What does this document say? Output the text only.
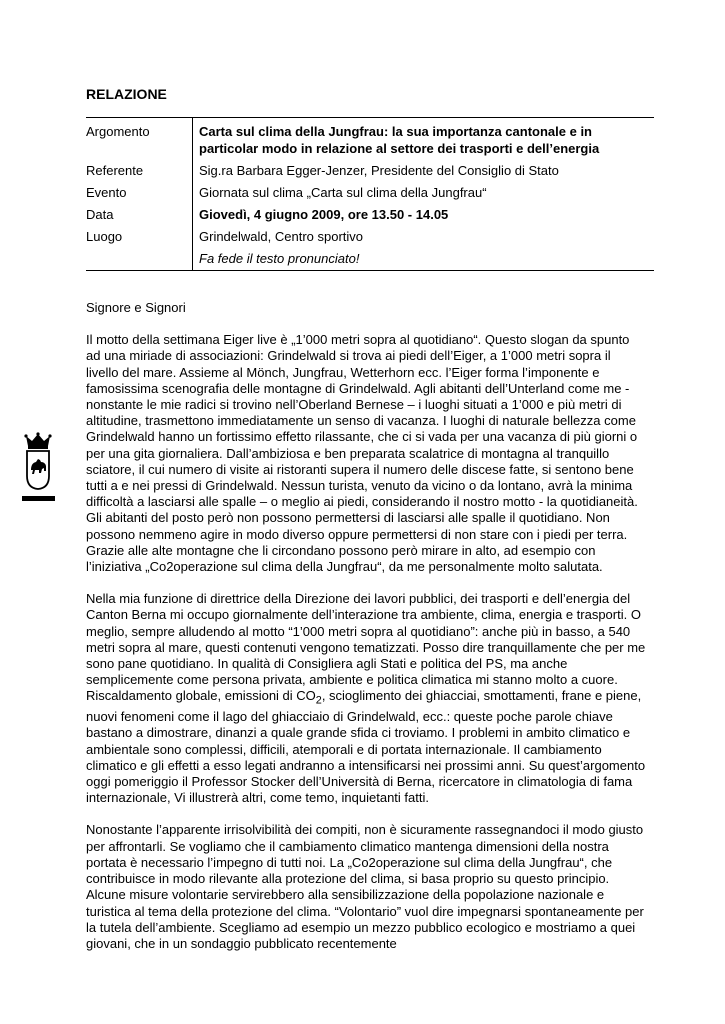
RELAZIONE
Argomento	Carta sul clima della Jungfrau: la sua importanza cantonale e in particolar modo in relazione al settore dei trasporti e dell’energia
Referente	Sig.ra Barbara Egger-Jenzer, Presidente del Consiglio di Stato
Evento	Giornata sul clima „Carta sul clima della Jungfrau“
Data	Giovedì, 4 giugno 2009, ore 13.50 - 14.05
Luogo	Grindelwald, Centro sportivo
	Fa fede il testo pronunciato!

Signore e Signori

Il motto della settimana Eiger live è „1’000 metri sopra al quotidiano“. Questo slogan da spunto ad una miriade di associazioni: Grindelwald si trova ai piedi dell’Eiger, a 1’000 metri sopra il livello del mare. Assieme al Mönch, Jungfrau, Wetterhorn ecc. l’Eiger forma l’imponente e famosissima scenografia delle montagne di Grindelwald. Agli abitanti dell’Unterland come me - nonstante le mie radici si trovino nell’Oberland Bernese – i luoghi situati a 1’000 e più metri di altitudine, trasmettono immediatamente un senso di vacanza. I luoghi di naturale bellezza come Grindelwald hanno un fortissimo effetto rilassante, che ci si vada per una vacanza di più giorni o per una gita giornaliera. Dall’ambiziosa e ben preparata scalatrice di montagna al tranquillo sciatore, il cui numero di visite ai ristoranti supera il numero delle discese fatte, si sentono bene tutti a e nei pressi di Grindelwald. Nessun turista, venuto da vicino o da lontano, avrà la minima difficoltà a lasciarsi alle spalle – o meglio ai piedi, considerando il nostro motto - la quotidianeità. Gli abitanti del posto però non possono permettersi di lasciarsi alle spalle il quotidiano. Non possono nemmeno agire in modo diverso oppure permettersi di non stare con i piedi per terra. Grazie alle alte montagne che li circondano possono però mirare in alto, ad esempio con l’iniziativa „Co2operazione sul clima della Jungfrau“, da me personalmente molto salutata.

Nella mia funzione di direttrice della Direzione dei lavori pubblici, dei trasporti e dell’energia del Canton Berna mi occupo giornalmente dell’interazione tra ambiente, clima, energia e trasporti. O meglio, sempre alludendo al motto “1’000 metri sopra al quotidiano”: anche più in basso, a 540 metri sopra al mare, questi contenuti vengono tematizzati. Posso dire tranquillamente che per me sono pane quotidiano. In qualità di Consigliera agli Stati e politica del PS, ma anche semplicemente come persona privata, ambiente e politica climatica mi stanno molto a cuore. Riscaldamento globale, emissioni di $CO_2$, scioglimento dei ghiacciai, smottamenti, frane e piene, nuovi fenomeni come il lago del ghiacciaio di Grindelwald, ecc.: queste poche parole chiave bastano a dimostrare, dinanzi a quale grande sfida ci troviamo. I problemi in ambito climatico e ambientale sono complessi, difficili, atemporali e di portata internazionale. Il cambiamento climatico e gli effetti a esso legati andranno a intensificarsi nei prossimi anni. Su quest’argomento oggi pomeriggio il Professor Stocker dell’Università di Berna, ricercatore in climatologia di fama internazionale, Vi illustrerà altri, come temo, inquietanti fatti.

Nonostante l’apparente irrisolvibilità dei compiti, non è sicuramente rassegnandoci il modo giusto per affrontarli. Se vogliamo che il cambiamento climatico mantenga dimensioni della nostra portata è necessario l’impegno di tutti noi. La „Co2operazione sul clima della Jungfrau“, che contribuisce in modo rilevante alla protezione del clima, si basa proprio su questo principio. Alcune misure volontarie servirebbero alla sensibilizzazione della popolazione nazionale e turistica al tema della protezione del clima. “Volontario” vuol dire impegnarsi spontaneamente per la tutela dell’ambiente. Scegliamo ad esempio un mezzo pubblico ecologico e mostriamo a quei giovani, che in un sondaggio pubblicato recentemente
